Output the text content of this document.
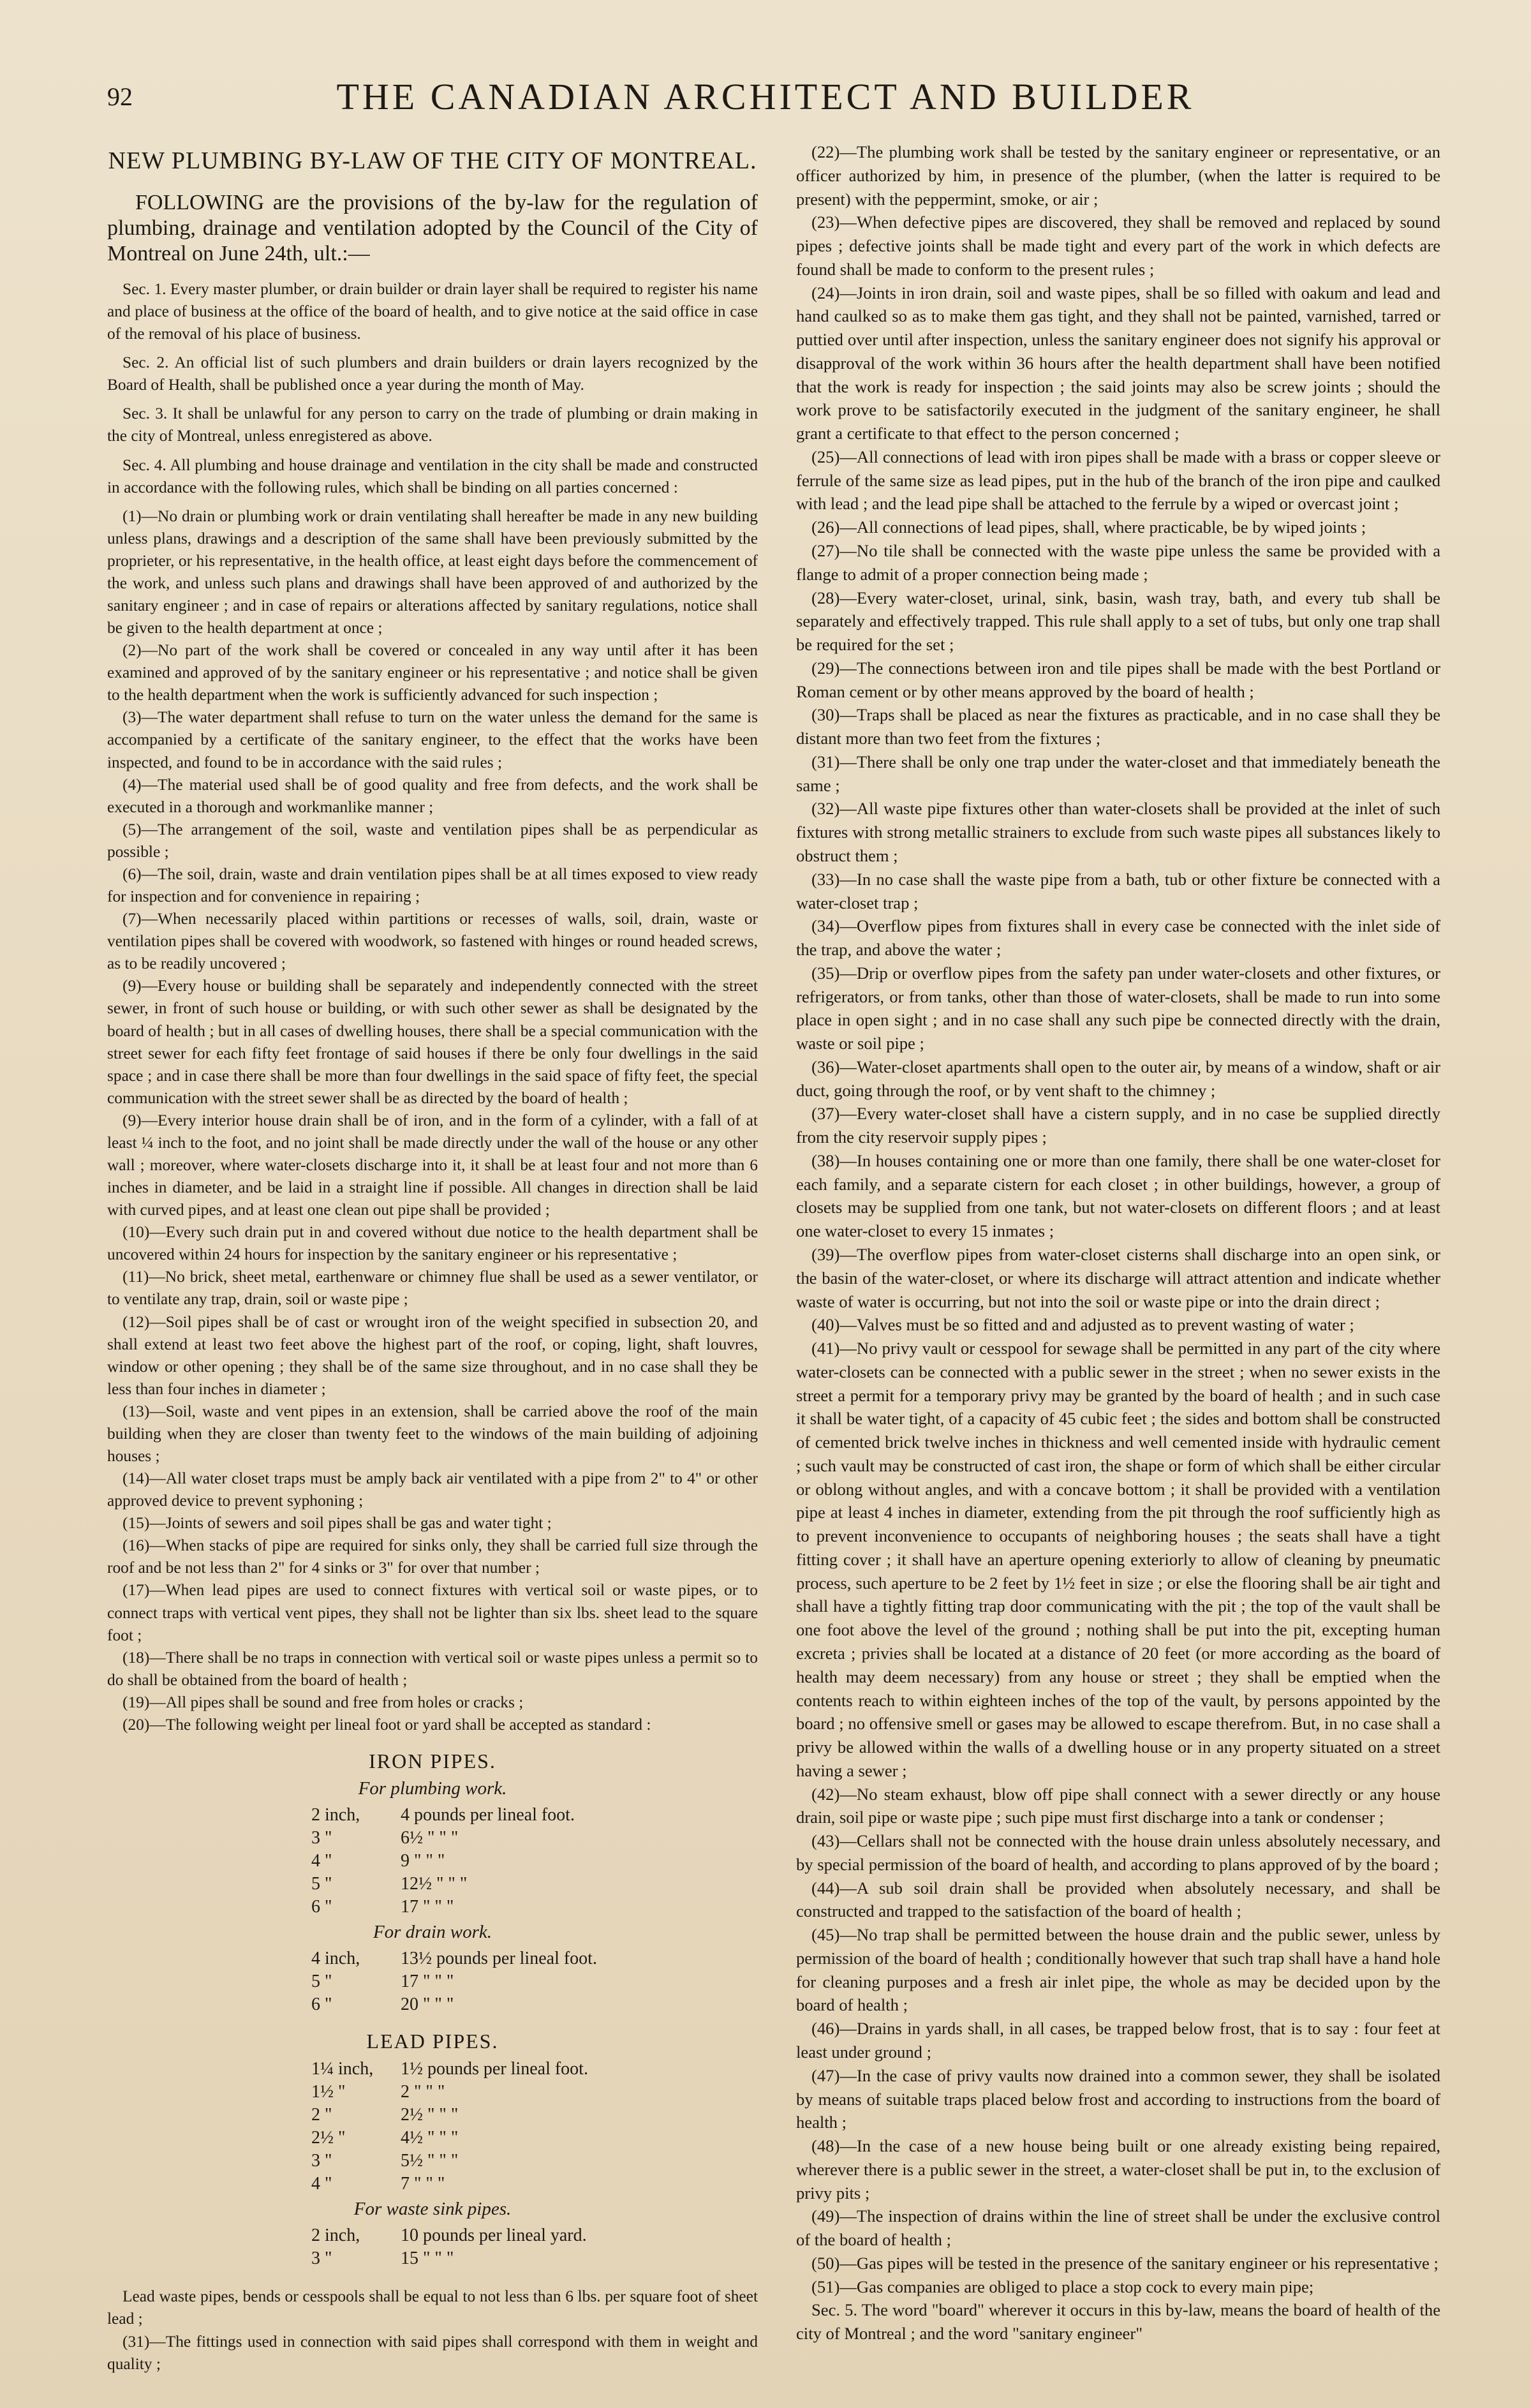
92	THE CANADIAN ARCHITECT AND BUILDER
NEW PLUMBING BY-LAW OF THE CITY OF MONTREAL.

FOLLOWING are the provisions of the by-law for the regulation of plumbing, drainage and ventilation adopted by the Council of the City of Montreal on June 24th, ult.:—

Sec. 1. Every master plumber, or drain builder or drain layer shall be required to register his name and place of business at the office of the board of health, and to give notice at the said office in case of the removal of his place of business.

Sec. 2. An official list of such plumbers and drain builders or drain layers recognized by the Board of Health, shall be published once a year during the month of May.

Sec. 3. It shall be unlawful for any person to carry on the trade of plumbing or drain making in the city of Montreal, unless enregistered as above.

Sec. 4. All plumbing and house drainage and ventilation in the city shall be made and constructed in accordance with the following rules, which shall be binding on all parties concerned :

(1)—No drain or plumbing work or drain ventilating shall hereafter be made in any new building unless plans, drawings and a description of the same shall have been previously submitted by the proprieter, or his representative, in the health office, at least eight days before the commencement of the work, and unless such plans and drawings shall have been approved of and authorized by the sanitary engineer ; and in case of repairs or alterations affected by sanitary regulations, notice shall be given to the health department at once ;

(2)—No part of the work shall be covered or concealed in any way until after it has been examined and approved of by the sanitary engineer or his representative ; and notice shall be given to the health department when the work is sufficiently advanced for such inspection ;

(3)—The water department shall refuse to turn on the water unless the demand for the same is accompanied by a certificate of the sanitary engineer, to the effect that the works have been inspected, and found to be in accordance with the said rules ;

(4)—The material used shall be of good quality and free from defects, and the work shall be executed in a thorough and workmanlike manner ;

(5)—The arrangement of the soil, waste and ventilation pipes shall be as perpendicular as possible ;

(6)—The soil, drain, waste and drain ventilation pipes shall be at all times exposed to view ready for inspection and for convenience in repairing ;

(7)—When necessarily placed within partitions or recesses of walls, soil, drain, waste or ventilation pipes shall be covered with woodwork, so fastened with hinges or round headed screws, as to be readily uncovered ;

(9)—Every house or building shall be separately and independently connected with the street sewer, in front of such house or building, or with such other sewer as shall be designated by the board of health ; but in all cases of dwelling houses, there shall be a special communication with the street sewer for each fifty feet frontage of said houses if there be only four dwellings in the said space ; and in case there shall be more than four dwellings in the said space of fifty feet, the special communication with the street sewer shall be as directed by the board of health ;

(9)—Every interior house drain shall be of iron, and in the form of a cylinder, with a fall of at least ¼ inch to the foot, and no joint shall be made directly under the wall of the house or any other wall ; moreover, where water-closets discharge into it, it shall be at least four and not more than 6 inches in diameter, and be laid in a straight line if possible. All changes in direction shall be laid with curved pipes, and at least one clean out pipe shall be provided ;

(10)—Every such drain put in and covered without due notice to the health department shall be uncovered within 24 hours for inspection by the sanitary engineer or his representative ;

(11)—No brick, sheet metal, earthenware or chimney flue shall be used as a sewer ventilator, or to ventilate any trap, drain, soil or waste pipe ;

(12)—Soil pipes shall be of cast or wrought iron of the weight specified in subsection 20, and shall extend at least two feet above the highest part of the roof, or coping, light, shaft louvres, window or other opening ; they shall be of the same size throughout, and in no case shall they be less than four inches in diameter ;

(13)—Soil, waste and vent pipes in an extension, shall be carried above the roof of the main building when they are closer than twenty feet to the windows of the main building of adjoining houses ;

(14)—All water closet traps must be amply back air ventilated with a pipe from 2" to 4" or other approved device to prevent syphoning ;

(15)—Joints of sewers and soil pipes shall be gas and water tight ;

(16)—When stacks of pipe are required for sinks only, they shall be carried full size through the roof and be not less than 2" for 4 sinks or 3" for over that number ;

(17)—When lead pipes are used to connect fixtures with vertical soil or waste pipes, or to connect traps with vertical vent pipes, they shall not be lighter than six lbs. sheet lead to the square foot ;

(18)—There shall be no traps in connection with vertical soil or waste pipes unless a permit so to do shall be obtained from the board of health ;

(19)—All pipes shall be sound and free from holes or cracks ;

(20)—The following weight per lineal foot or yard shall be accepted as standard :

IRON PIPES.
For plumbing work.
2 inch,	4 pounds per lineal foot.
3 "	6½ " " "
4 "	9 " " "
5 "	12½ " " "
6 "	17 " " "
For drain work.
4 inch,	13½ pounds per lineal foot.
5 "	17 " " "
6 "	20 " " "
LEAD PIPES.
1¼ inch,	1½ pounds per lineal foot.
1½ "	2 " " "
2 "	2½ " " "
2½ "	4½ " " "
3 "	5½ " " "
4 "	7 " " "
For waste sink pipes.
2 inch,	10 pounds per lineal yard.
3 "	15 " " "

Lead waste pipes, bends or cesspools shall be equal to not less than 6 lbs. per square foot of sheet lead ;

(31)—The fittings used in connection with said pipes shall correspond with them in weight and quality ;

(22)—The plumbing work shall be tested by the sanitary engineer or representative, or an officer authorized by him, in presence of the plumber, (when the latter is required to be present) with the peppermint, smoke, or air ;

(23)—When defective pipes are discovered, they shall be removed and replaced by sound pipes ; defective joints shall be made tight and every part of the work in which defects are found shall be made to conform to the present rules ;

(24)—Joints in iron drain, soil and waste pipes, shall be so filled with oakum and lead and hand caulked so as to make them gas tight, and they shall not be painted, varnished, tarred or puttied over until after inspection, unless the sanitary engineer does not signify his approval or disapproval of the work within 36 hours after the health department shall have been notified that the work is ready for inspection ; the said joints may also be screw joints ; should the work prove to be satisfactorily executed in the judgment of the sanitary engineer, he shall grant a certificate to that effect to the person concerned ;

(25)—All connections of lead with iron pipes shall be made with a brass or copper sleeve or ferrule of the same size as lead pipes, put in the hub of the branch of the iron pipe and caulked with lead ; and the lead pipe shall be attached to the ferrule by a wiped or overcast joint ;

(26)—All connections of lead pipes, shall, where practicable, be by wiped joints ;

(27)—No tile shall be connected with the waste pipe unless the same be provided with a flange to admit of a proper connection being made ;

(28)—Every water-closet, urinal, sink, basin, wash tray, bath, and every tub shall be separately and effectively trapped. This rule shall apply to a set of tubs, but only one trap shall be required for the set ;

(29)—The connections between iron and tile pipes shall be made with the best Portland or Roman cement or by other means approved by the board of health ;

(30)—Traps shall be placed as near the fixtures as practicable, and in no case shall they be distant more than two feet from the fixtures ;

(31)—There shall be only one trap under the water-closet and that immediately beneath the same ;

(32)—All waste pipe fixtures other than water-closets shall be provided at the inlet of such fixtures with strong metallic strainers to exclude from such waste pipes all substances likely to obstruct them ;

(33)—In no case shall the waste pipe from a bath, tub or other fixture be connected with a water-closet trap ;

(34)—Overflow pipes from fixtures shall in every case be connected with the inlet side of the trap, and above the water ;

(35)—Drip or overflow pipes from the safety pan under water-closets and other fixtures, or refrigerators, or from tanks, other than those of water-closets, shall be made to run into some place in open sight ; and in no case shall any such pipe be connected directly with the drain, waste or soil pipe ;

(36)—Water-closet apartments shall open to the outer air, by means of a window, shaft or air duct, going through the roof, or by vent shaft to the chimney ;

(37)—Every water-closet shall have a cistern supply, and in no case be supplied directly from the city reservoir supply pipes ;

(38)—In houses containing one or more than one family, there shall be one water-closet for each family, and a separate cistern for each closet ; in other buildings, however, a group of closets may be supplied from one tank, but not water-closets on different floors ; and at least one water-closet to every 15 inmates ;

(39)—The overflow pipes from water-closet cisterns shall discharge into an open sink, or the basin of the water-closet, or where its discharge will attract attention and indicate whether waste of water is occurring, but not into the soil or waste pipe or into the drain direct ;

(40)—Valves must be so fitted and and adjusted as to prevent wasting of water ;

(41)—No privy vault or cesspool for sewage shall be permitted in any part of the city where water-closets can be connected with a public sewer in the street ; when no sewer exists in the street a permit for a temporary privy may be granted by the board of health ; and in such case it shall be water tight, of a capacity of 45 cubic feet ; the sides and bottom shall be constructed of cemented brick twelve inches in thickness and well cemented inside with hydraulic cement ; such vault may be constructed of cast iron, the shape or form of which shall be either circular or oblong without angles, and with a concave bottom ; it shall be provided with a ventilation pipe at least 4 inches in diameter, extending from the pit through the roof sufficiently high as to prevent inconvenience to occupants of neighboring houses ; the seats shall have a tight fitting cover ; it shall have an aperture opening exteriorly to allow of cleaning by pneumatic process, such aperture to be 2 feet by 1½ feet in size ; or else the flooring shall be air tight and shall have a tightly fitting trap door communicating with the pit ; the top of the vault shall be one foot above the level of the ground ; nothing shall be put into the pit, excepting human excreta ; privies shall be located at a distance of 20 feet (or more according as the board of health may deem necessary) from any house or street ; they shall be emptied when the contents reach to within eighteen inches of the top of the vault, by persons appointed by the board ; no offensive smell or gases may be allowed to escape therefrom. But, in no case shall a privy be allowed within the walls of a dwelling house or in any property situated on a street having a sewer ;

(42)—No steam exhaust, blow off pipe shall connect with a sewer directly or any house drain, soil pipe or waste pipe ; such pipe must first discharge into a tank or condenser ;

(43)—Cellars shall not be connected with the house drain unless absolutely necessary, and by special permission of the board of health, and according to plans approved of by the board ;

(44)—A sub soil drain shall be provided when absolutely necessary, and shall be constructed and trapped to the satisfaction of the board of health ;

(45)—No trap shall be permitted between the house drain and the public sewer, unless by permission of the board of health ; conditionally however that such trap shall have a hand hole for cleaning purposes and a fresh air inlet pipe, the whole as may be decided upon by the board of health ;

(46)—Drains in yards shall, in all cases, be trapped below frost, that is to say : four feet at least under ground ;

(47)—In the case of privy vaults now drained into a common sewer, they shall be isolated by means of suitable traps placed below frost and according to instructions from the board of health ;

(48)—In the case of a new house being built or one already existing being repaired, wherever there is a public sewer in the street, a water-closet shall be put in, to the exclusion of privy pits ;

(49)—The inspection of drains within the line of street shall be under the exclusive control of the board of health ;

(50)—Gas pipes will be tested in the presence of the sanitary engineer or his representative ;

(51)—Gas companies are obliged to place a stop cock to every main pipe;

Sec. 5. The word "board" wherever it occurs in this by-law, means the board of health of the city of Montreal ; and the word "sanitary engineer"
